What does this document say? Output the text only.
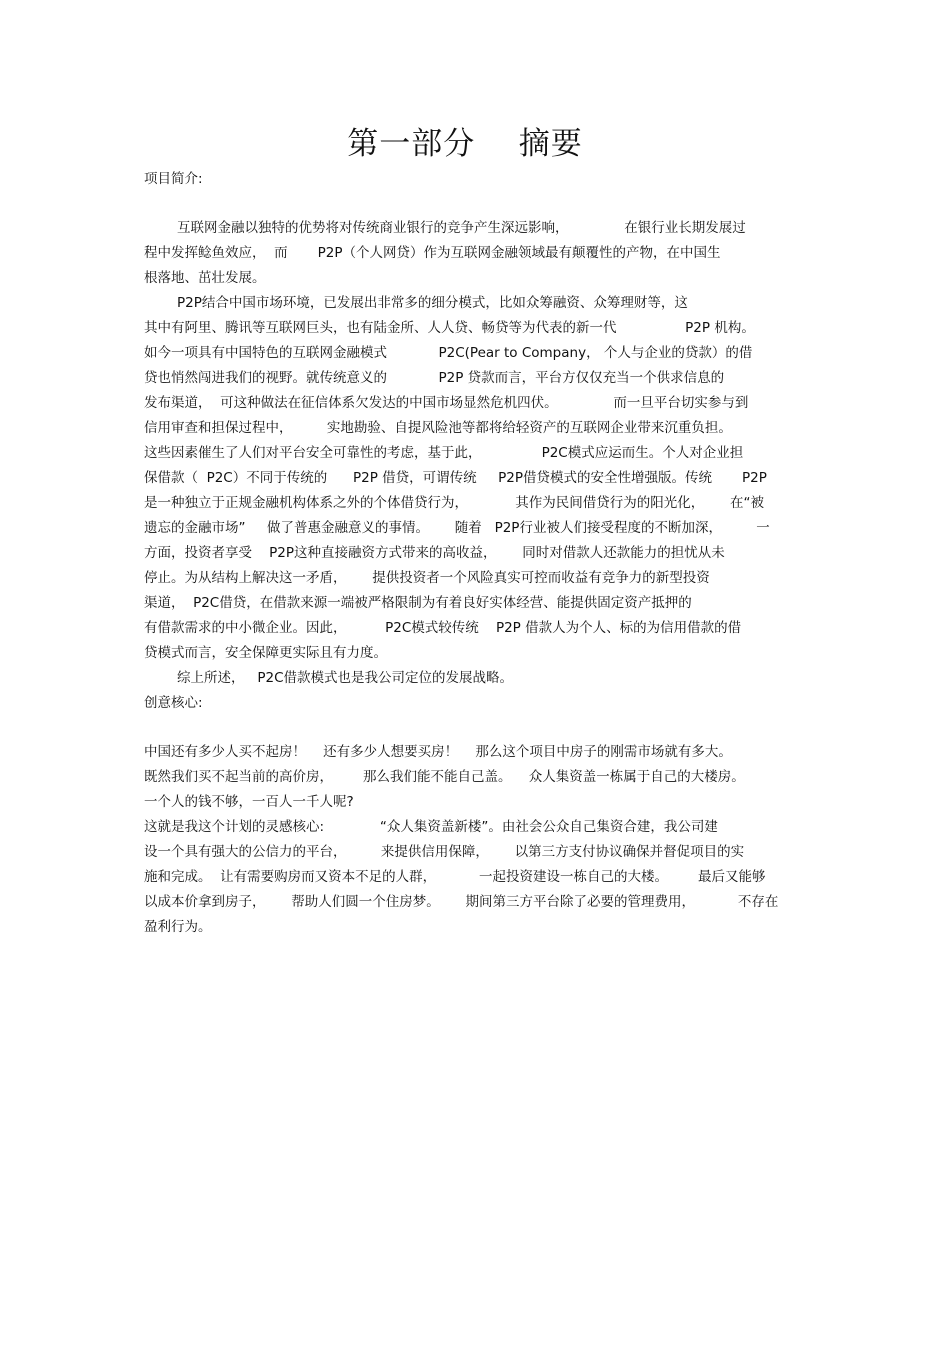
第一部分    摘要
项目简介:
互联网金融以独特的优势将对传统商业银行的竞争产生深远影响，             在银行业长期发展过
程中发挥鲶鱼效应，  而       P2P（个人网贷）作为互联网金融领域最有颠覆性的产物，在中国生
根落地、茁壮发展。
P2P结合中国市场环境，已发展出非常多的细分模式，比如众筹融资、众筹理财等，这
其中有阿里、腾讯等互联网巨头，也有陆金所、人人贷、畅贷等为代表的新一代                P2P 机构。
如今一项具有中国特色的互联网金融模式            P2C(Pear to Company， 个人与企业的贷款）的借
贷也悄然闯进我们的视野。就传统意义的            P2P 贷款而言，平台方仅仅充当一个供求信息的
发布渠道，  可这种做法在征信体系欠发达的中国市场显然危机四伏。             而一旦平台切实参与到
信用审查和担保过程中，        实地勘验、自提风险池等都将给轻资产的互联网企业带来沉重负担。
这些因素催生了人们对平台安全可靠性的考虑，基于此，              P2C模式应运而生。个人对企业担
保借款（  P2C）不同于传统的      P2P 借贷，可谓传统     P2P借贷模式的安全性增强版。传统       P2P
是一种独立于正规金融机构体系之外的个体借贷行为，           其作为民间借贷行为的阳光化，      在“被
遗忘的金融市场”     做了普惠金融意义的事情。      随着   P2P行业被人们接受程度的不断加深，        一
方面，投资者享受    P2P这种直接融资方式带来的高收益，      同时对借款人还款能力的担忧从未
停止。为从结构上解决这一矛盾，      提供投资者一个风险真实可控而收益有竞争力的新型投资
渠道，  P2C借贷，在借款来源一端被严格限制为有着良好实体经营、能提供固定资产抵押的
有借款需求的中小微企业。因此，         P2C模式较传统    P2P 借款人为个人、标的为信用借款的借
贷模式而言，安全保障更实际且有力度。
综上所述，   P2C借款模式也是我公司定位的发展战略。
创意核心:
中国还有多少人买不起房！    还有多少人想要买房！    那么这个项目中房子的刚需市场就有多大。
既然我们买不起当前的高价房，       那么我们能不能自己盖。    众人集资盖一栋属于自己的大楼房。
一个人的钱不够，一百人一千人呢?
这就是我这个计划的灵感核心:             “众人集资盖新楼”。由社会公众自己集资合建，我公司建
设一个具有强大的公信力的平台，        来提供信用保障，      以第三方支付协议确保并督促项目的实
施和完成。  让有需要购房而又资本不足的人群，          一起投资建设一栋自己的大楼。       最后又能够
以成本价拿到房子，      帮助人们圆一个住房梦。      期间第三方平台除了必要的管理费用，          不存在
盈利行为。
